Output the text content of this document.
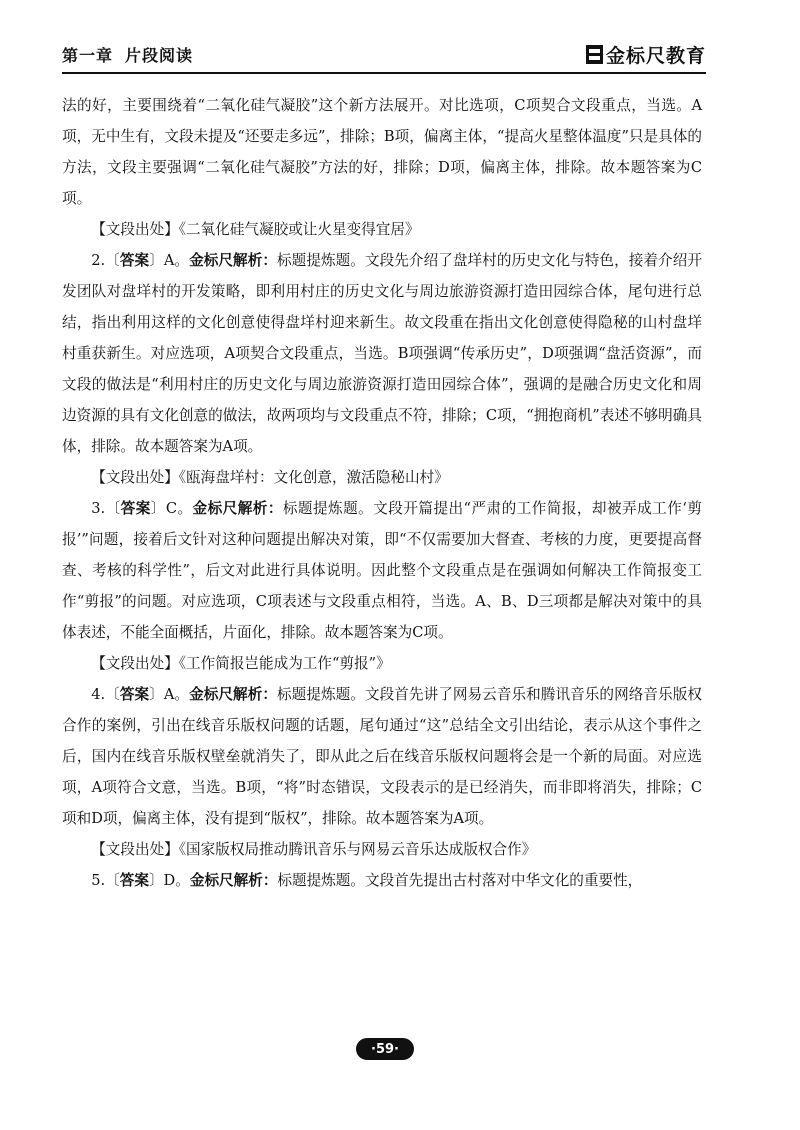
第一章 片段阅读	金标尺教育

法的好，主要围绕着“二氧化硅气凝胶”这个新方法展开。对比选项，C项契合文段重点，当选。A项，无中生有，文段未提及“还要走多远”，排除；B项，偏离主体，“提高火星整体温度”只是具体的方法，文段主要强调“二氧化硅气凝胶”方法的好，排除；D项，偏离主体，排除。故本题答案为C项。

【文段出处】《二氧化硅气凝胶或让火星变得宜居》

2.〔答案〕A。金标尺解析：标题提炼题。文段先介绍了盘垟村的历史文化与特色，接着介绍开发团队对盘垟村的开发策略，即利用村庄的历史文化与周边旅游资源打造田园综合体，尾句进行总结，指出利用这样的文化创意使得盘垟村迎来新生。故文段重在指出文化创意使得隐秘的山村盘垟村重获新生。对应选项，A项契合文段重点，当选。B项强调“传承历史”，D项强调“盘活资源”，而文段的做法是“利用村庄的历史文化与周边旅游资源打造田园综合体”，强调的是融合历史文化和周边资源的具有文化创意的做法，故两项均与文段重点不符，排除；C项，“拥抱商机”表述不够明确具体，排除。故本题答案为A项。

【文段出处】《瓯海盘垟村：文化创意，激活隐秘山村》

3.〔答案〕C。金标尺解析：标题提炼题。文段开篇提出“严肃的工作简报，却被弄成工作‘剪报’”问题，接着后文针对这种问题提出解决对策，即“不仅需要加大督查、考核的力度，更要提高督查、考核的科学性”，后文对此进行具体说明。因此整个文段重点是在强调如何解决工作简报变工作“剪报”的问题。对应选项，C项表述与文段重点相符，当选。A、B、D三项都是解决对策中的具体表述，不能全面概括，片面化，排除。故本题答案为C项。

【文段出处】《工作简报岂能成为工作“剪报”》

4.〔答案〕A。金标尺解析：标题提炼题。文段首先讲了网易云音乐和腾讯音乐的网络音乐版权合作的案例，引出在线音乐版权问题的话题，尾句通过“这”总结全文引出结论，表示从这个事件之后，国内在线音乐版权壁垒就消失了，即从此之后在线音乐版权问题将会是一个新的局面。对应选项，A项符合文意，当选。B项，“将”时态错误，文段表示的是已经消失，而非即将消失，排除；C项和D项，偏离主体，没有提到“版权”，排除。故本题答案为A项。

【文段出处】《国家版权局推动腾讯音乐与网易云音乐达成版权合作》

5.〔答案〕D。金标尺解析：标题提炼题。文段首先提出古村落对中华文化的重要性，

·59·
